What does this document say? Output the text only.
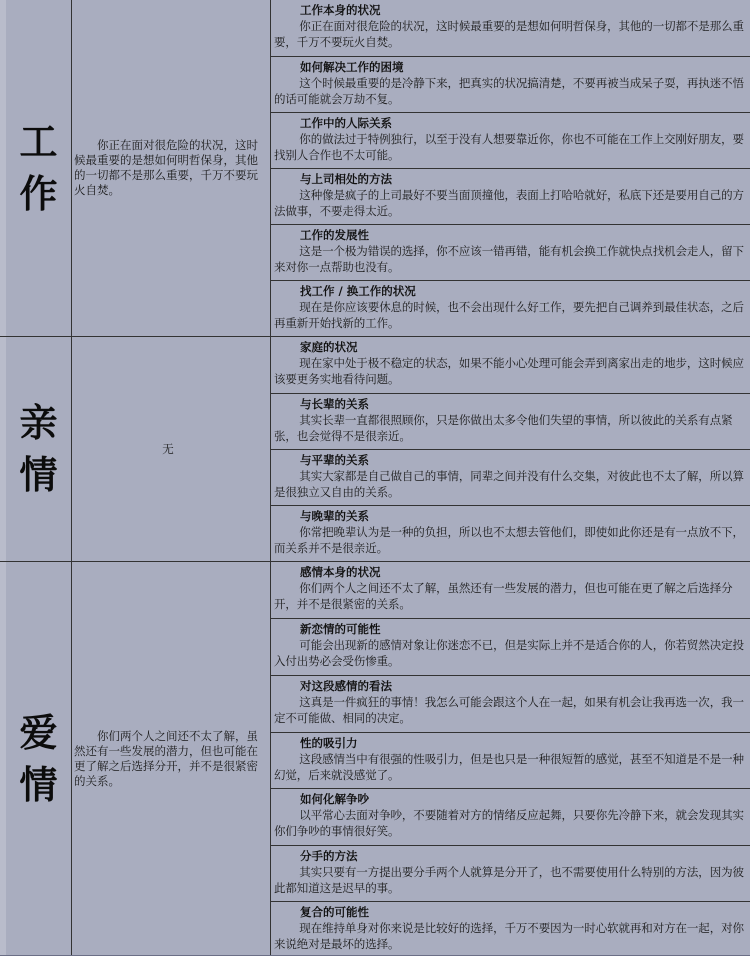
工作
你正在面对很危险的状况，这时候最重要的是想如何明哲保身，其他的一切都不是那么重要，千万不要玩火自焚。
工作本身的状况
你正在面对很危险的状况，这时候最重要的是想如何明哲保身，其他的一切都不是那么重要，千万不要玩火自焚。
如何解决工作的困境
这个时候最重要的是冷静下来，把真实的状况搞清楚，不要再被当成呆子耍，再执迷不悟的话可能就会万劫不复。
工作中的人际关系
你的做法过于特例独行，以至于没有人想要靠近你，你也不可能在工作上交刚好朋友，要找别人合作也不太可能。
与上司相处的方法
这种像是疯子的上司最好不要当面顶撞他，表面上打哈哈就好，私底下还是要用自己的方法做事，不要走得太近。
工作的发展性
这是一个极为错误的选择，你不应该一错再错，能有机会换工作就快点找机会走人，留下来对你一点帮助也没有。
找工作 / 换工作的状况
现在是你应该要休息的时候，也不会出现什么好工作，要先把自己调养到最佳状态，之后再重新开始找新的工作。
亲情
无
家庭的状况
现在家中处于极不稳定的状态，如果不能小心处理可能会弄到离家出走的地步，这时候应该要更务实地看待问题。
与长辈的关系
其实长辈一直都很照顾你，只是你做出太多令他们失望的事情，所以彼此的关系有点紧张，也会觉得不是很亲近。
与平辈的关系
其实大家都是自己做自己的事情，同辈之间并没有什么交集，对彼此也不太了解，所以算是很独立又自由的关系。
与晚辈的关系
你常把晚辈认为是一种的负担，所以也不太想去管他们，即使如此你还是有一点放不下，而关系并不是很亲近。
爱情
你们两个人之间还不太了解，虽然还有一些发展的潜力，但也可能在更了解之后选择分开，并不是很紧密的关系。
感情本身的状况
你们两个人之间还不太了解，虽然还有一些发展的潜力，但也可能在更了解之后选择分开，并不是很紧密的关系。
新恋情的可能性
可能会出现新的感情对象让你迷恋不已，但是实际上并不是适合你的人，你若贸然决定投入付出势必会受伤惨重。
对这段感情的看法
这真是一件疯狂的事情！我怎么可能会跟这个人在一起，如果有机会让我再选一次，我一定不可能做、相同的决定。
性的吸引力
这段感情当中有很强的性吸引力，但是也只是一种很短暂的感觉，甚至不知道是不是一种幻觉，后来就没感觉了。
如何化解争吵
以平常心去面对争吵，不要随着对方的情绪反应起舞，只要你先冷静下来，就会发现其实你们争吵的事情很好笑。
分手的方法
其实只要有一方提出要分手两个人就算是分开了，也不需要使用什么特别的方法，因为彼此都知道这是迟早的事。
复合的可能性
现在维持单身对你来说是比较好的选择，千万不要因为一时心软就再和对方在一起，对你来说绝对是最坏的选择。
